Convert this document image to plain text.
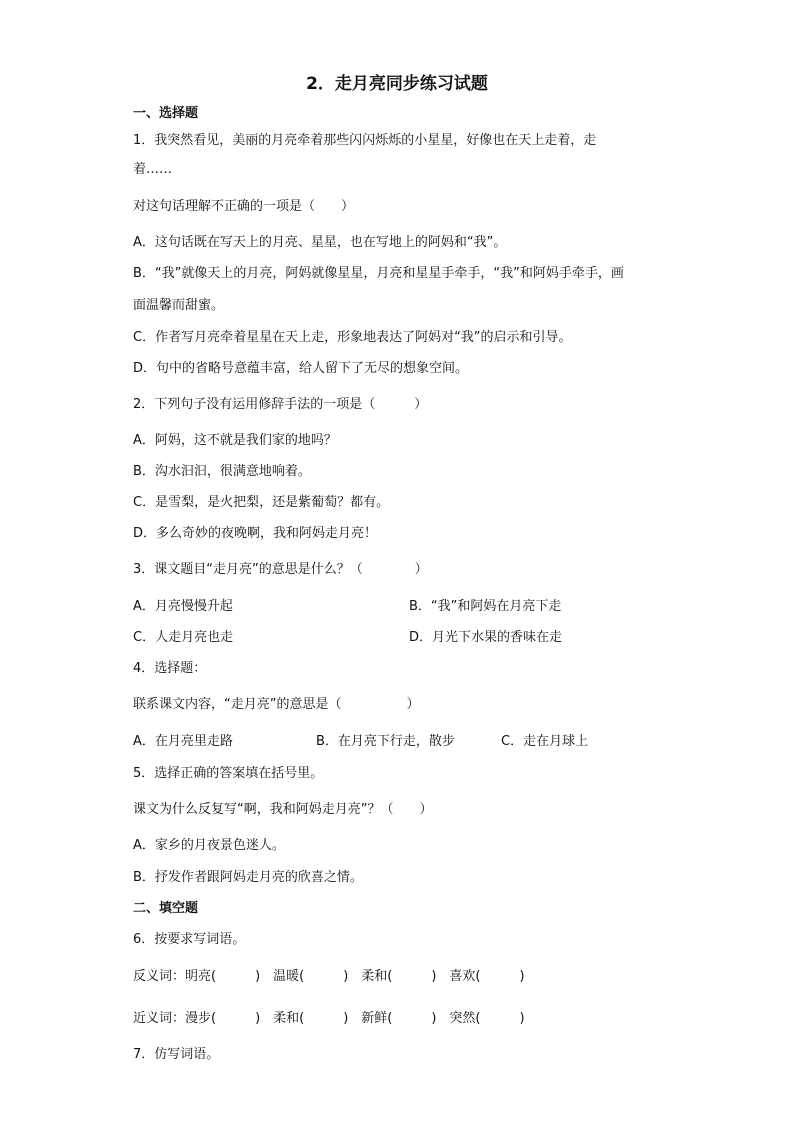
2．走月亮同步练习试题
一、选择题
1．我突然看见，美丽的月亮牵着那些闪闪烁烁的小星星，好像也在天上走着，走
着……
对这句话理解不正确的一项是（　　）
A．这句话既在写天上的月亮、星星，也在写地上的阿妈和“我”。
B．“我”就像天上的月亮，阿妈就像星星，月亮和星星手牵手，“我”和阿妈手牵手，画
面温馨而甜蜜。
C．作者写月亮牵着星星在天上走，形象地表达了阿妈对“我”的启示和引导。
D．句中的省略号意蕴丰富，给人留下了无尽的想象空间。
2．下列句子没有运用修辞手法的一项是（　　　）
A．阿妈，这不就是我们家的地吗？
B．沟水汩汩，很满意地响着。
C．是雪梨，是火把梨，还是紫葡萄？都有。
D．多么奇妙的夜晚啊，我和阿妈走月亮！
3．课文题目“走月亮”的意思是什么？（　　　　）
A．月亮慢慢升起	B．“我”和阿妈在月亮下走
C．人走月亮也走	D．月光下水果的香味在走
4．选择题：
联系课文内容，“走月亮”的意思是（　　　　　）
A．在月亮里走路	B．在月亮下行走，散步	C．走在月球上
5．选择正确的答案填在括号里。
课文为什么反复写“啊，我和阿妈走月亮”？（　　）
A．家乡的月夜景色迷人。
B．抒发作者跟阿妈走月亮的欣喜之情。
二、填空题
6．按要求写词语。
反义词：明亮(　　　)　温暖(　　　)　柔和(　　　)　喜欢(　　　)
近义词：漫步(　　　)　柔和(　　　)　新鲜(　　　)　突然(　　　)
7．仿写词语。
